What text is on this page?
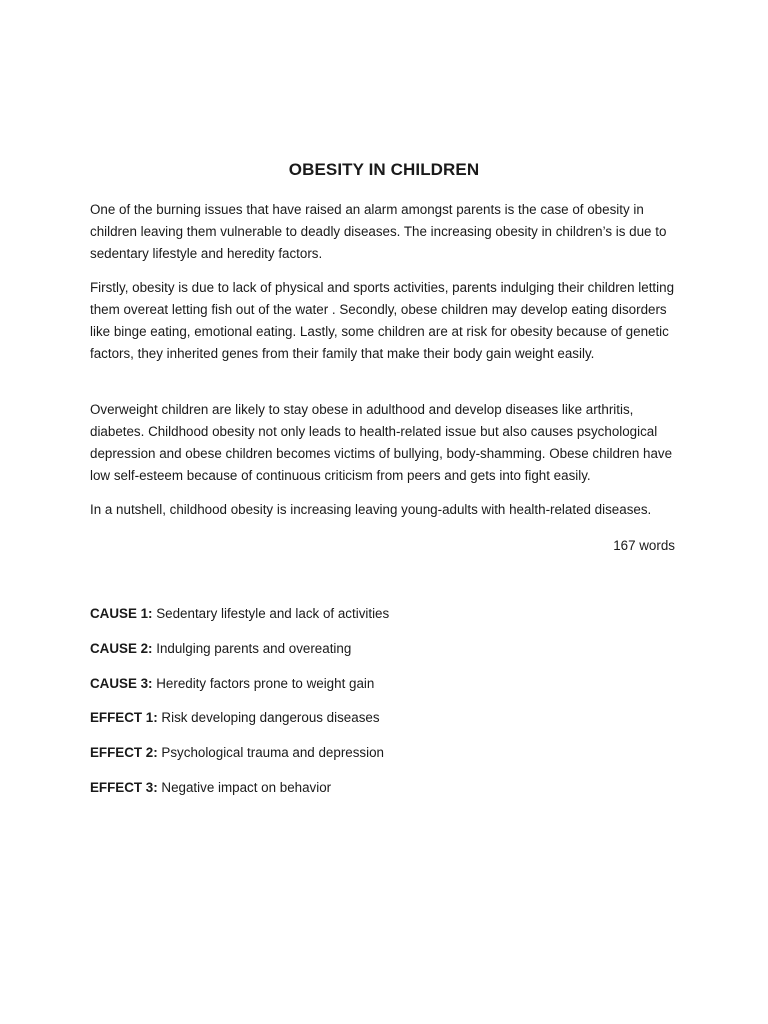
OBESITY IN CHILDREN

One of the burning issues that have raised an alarm amongst parents is the case of obesity in children leaving them vulnerable to deadly diseases. The increasing obesity in children’s is due to sedentary lifestyle and heredity factors.

Firstly, obesity is due to lack of physical and sports activities, parents indulging their children letting them overeat letting fish out of the water . Secondly, obese children may develop eating disorders like binge eating, emotional eating. Lastly, some children are at risk for obesity because of genetic factors, they inherited genes from their family that make their body gain weight easily.

Overweight children are likely to stay obese in adulthood and develop diseases like arthritis, diabetes. Childhood obesity not only leads to health-related issue but also causes psychological depression and obese children becomes victims of bullying, body-shamming. Obese children have low self-esteem because of continuous criticism from peers and gets into fight easily.

In a nutshell, childhood obesity is increasing leaving young-adults with health-related diseases.

167 words

CAUSE 1: Sedentary lifestyle and lack of activities

CAUSE 2: Indulging parents and overeating

CAUSE 3: Heredity factors prone to weight gain

EFFECT 1: Risk developing dangerous diseases

EFFECT 2: Psychological trauma and depression

EFFECT 3: Negative impact on behavior
